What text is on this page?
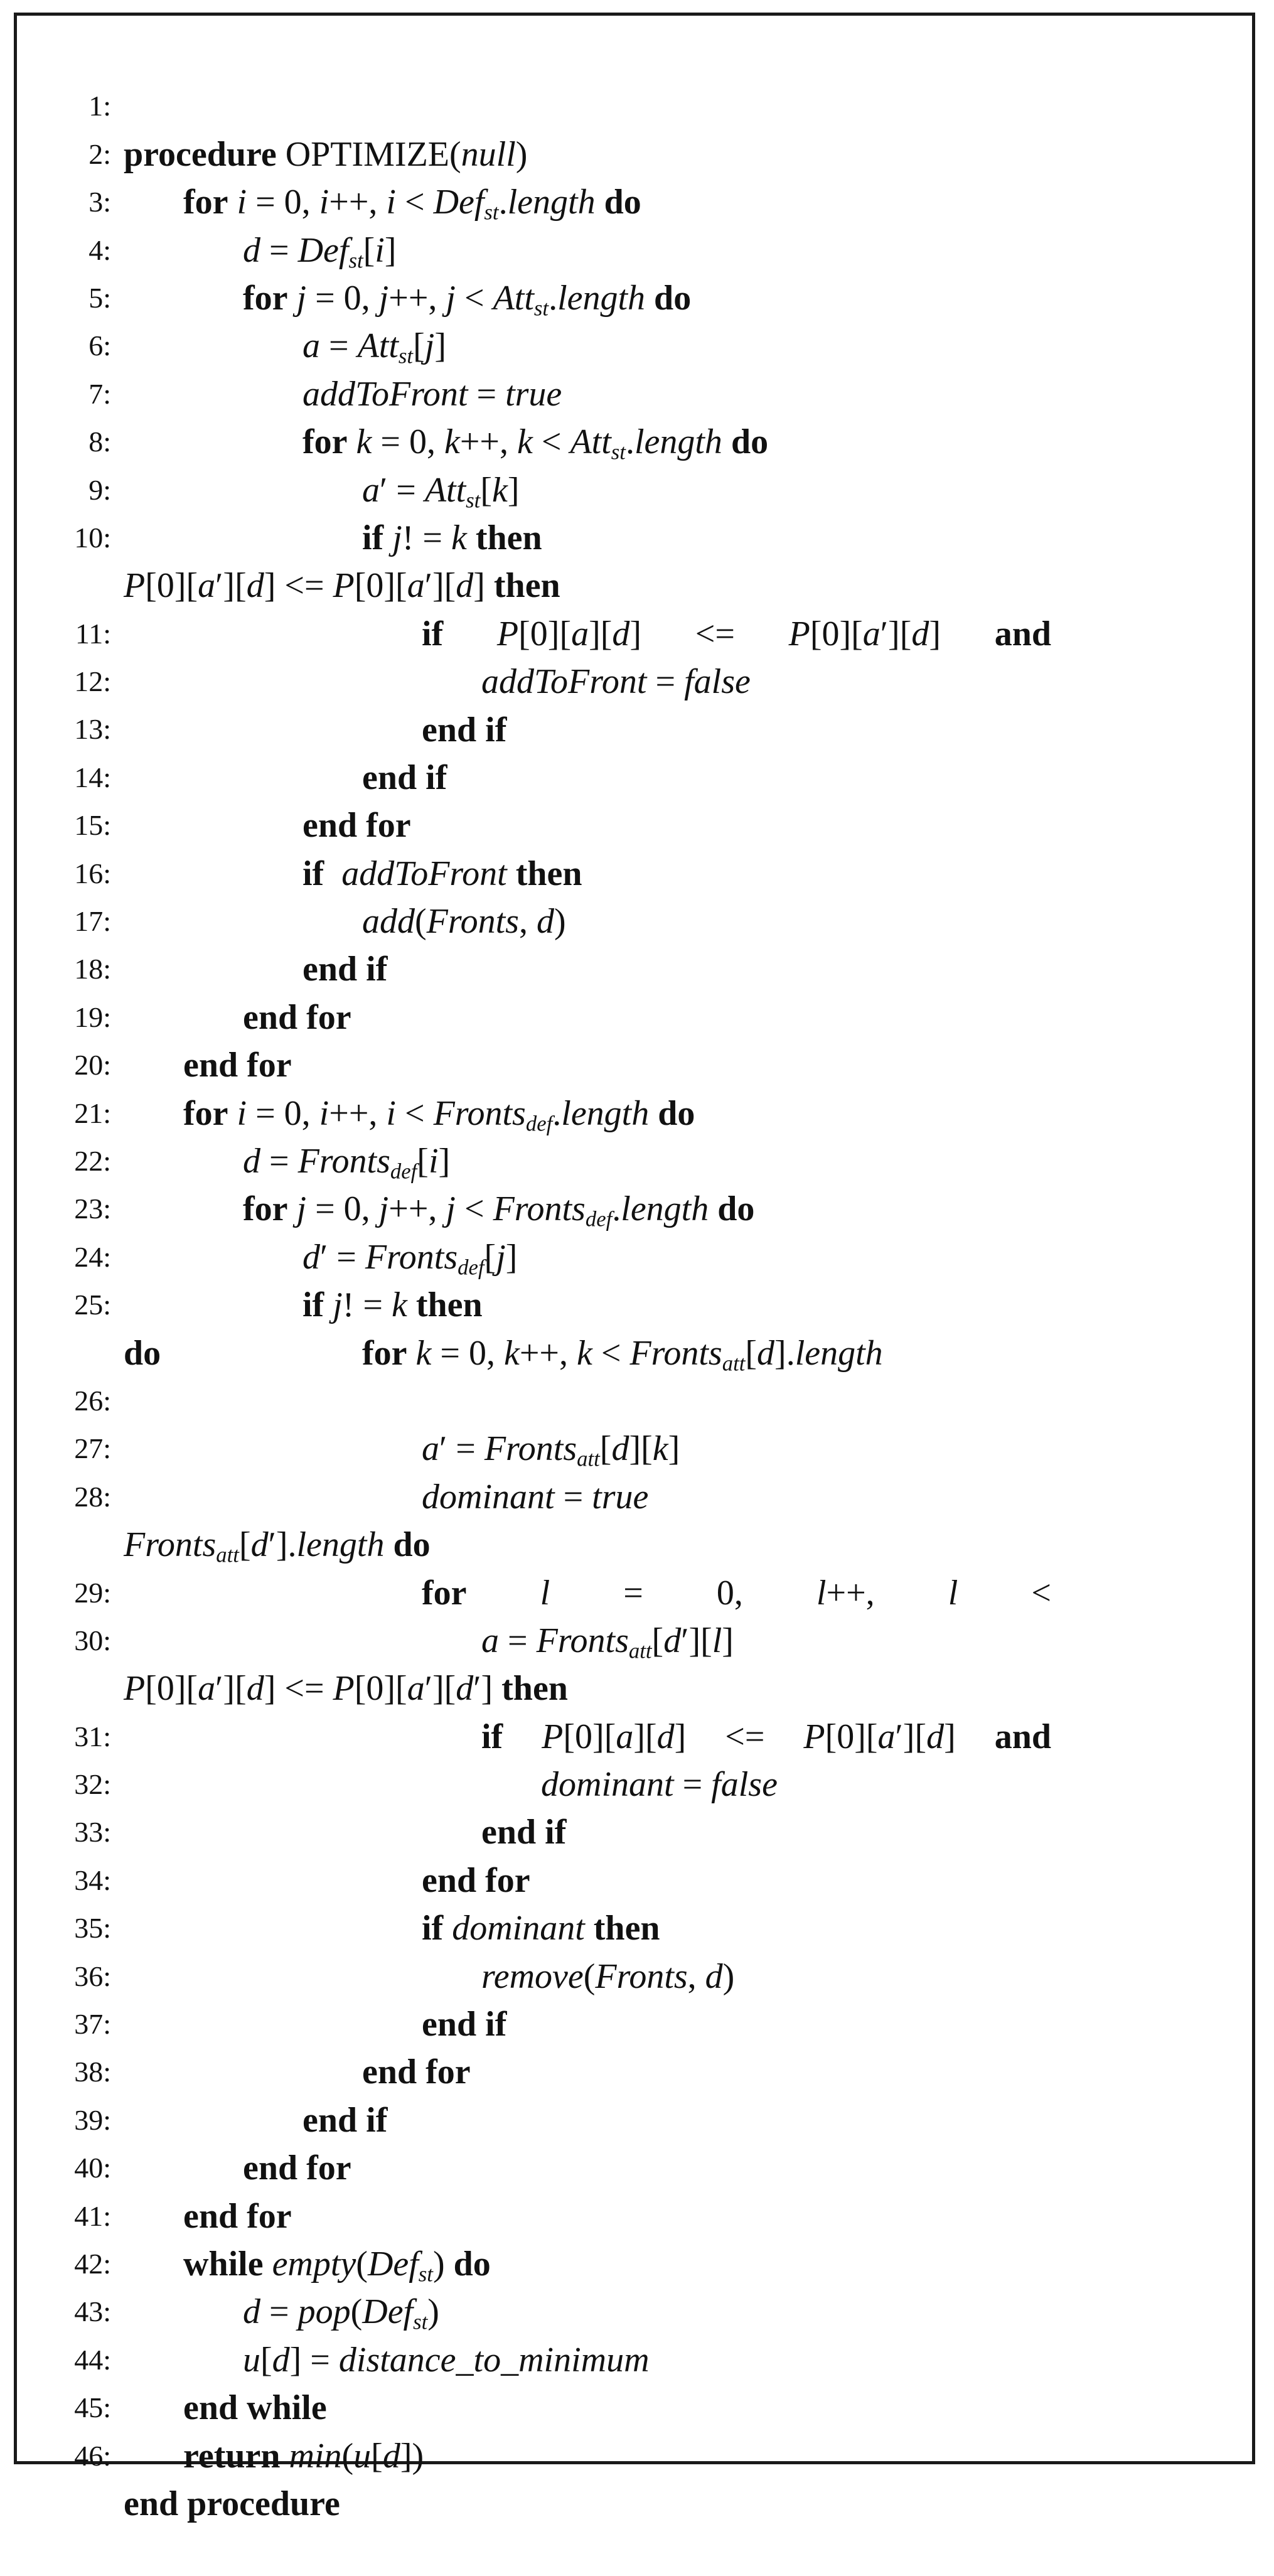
1:

procedure OPTIMIZE(null)

2:

for i = 0, i++, i < Def$_{st}$.length do

3:

d = Def$_{st}$[i]

4:

for j = 0, j++, j < Att$_{st}$.length do

5:

a = Att$_{st}$[j]

6:

addToFront = true

7:

for k = 0, k++, k < Att$_{st}$.length do

8:

a′ = Att$_{st}$[k]

9:

if j! = k then

10:

if P[0][a][d] <= P[0][a′][d] and

P[0][a′][d] <= P[0][a′][d] then

11:

addToFront = false

12:

end if

13:

end if

14:

end for

15:

if addToFront then

16:

add(Fronts, d)

17:

end if

18:

end for

19:

end for

20:

for i = 0, i++, i < Fronts$_{def}$.length do

21:

d = Fronts$_{def}$[i]

22:

for j = 0, j++, j < Fronts$_{def}$.length do

23:

d′ = Fronts$_{def}$[j]

24:

if j! = k then

25:

for k = 0, k++, k < Fronts$_{att}$[d].length

do

26:

a′ = Fronts$_{att}$[d][k]

27:

dominant = true

28:

for l = 0, l++, l <

Fronts$_{att}$[d′].length do

29:

a = Fronts$_{att}$[d′][l]

30:

if P[0][a][d] <= P[0][a′][d] and

P[0][a′][d] <= P[0][a′][d′] then

31:

dominant = false

32:

end if

33:

end for

34:

if dominant then

35:

remove(Fronts, d)

36:

end if

37:

end for

38:

end if

39:

end for

40:

end for

41:

while empty(Def$_{st}$) do

42:

d = pop(Def$_{st}$)

43:

u[d] = distance_to_minimum

44:

end while

45:

return min(u[d])

46:

end procedure
